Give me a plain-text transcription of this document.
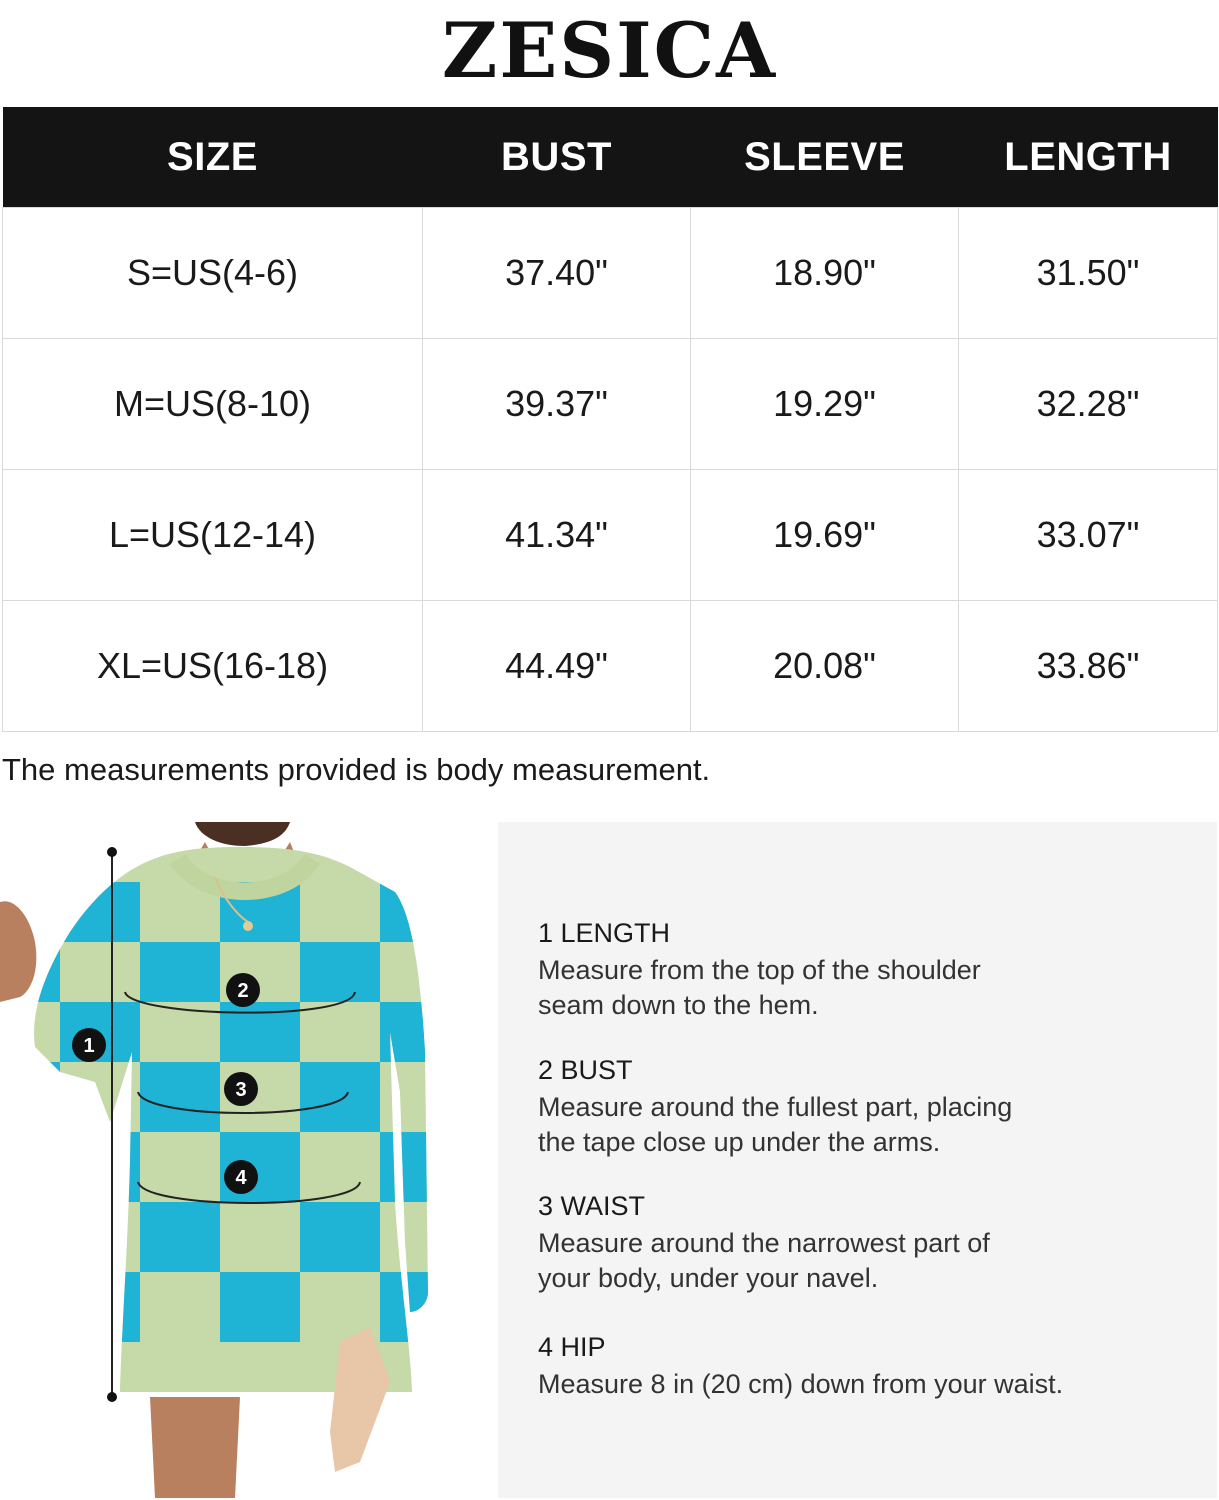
ZESICA
SIZE	BUST	SLEEVE	LENGTH
S=US(4-6)	37.40"	18.90"	31.50"
M=US(8-10)	39.37"	19.29"	32.28"
L=US(12-14)	41.34"	19.69"	33.07"
XL=US(16-18)	44.49"	20.08"	33.86"
The measurements provided is body measurement.
1
2
3
4
1 LENGTH
Measure from the top of the shoulder
seam down to the hem.
2 BUST
Measure around the fullest part, placing
the tape close up under the arms.
3 WAIST
Measure around the narrowest part of
your body, under your navel.
4 HIP
Measure 8 in (20 cm) down from your waist.
